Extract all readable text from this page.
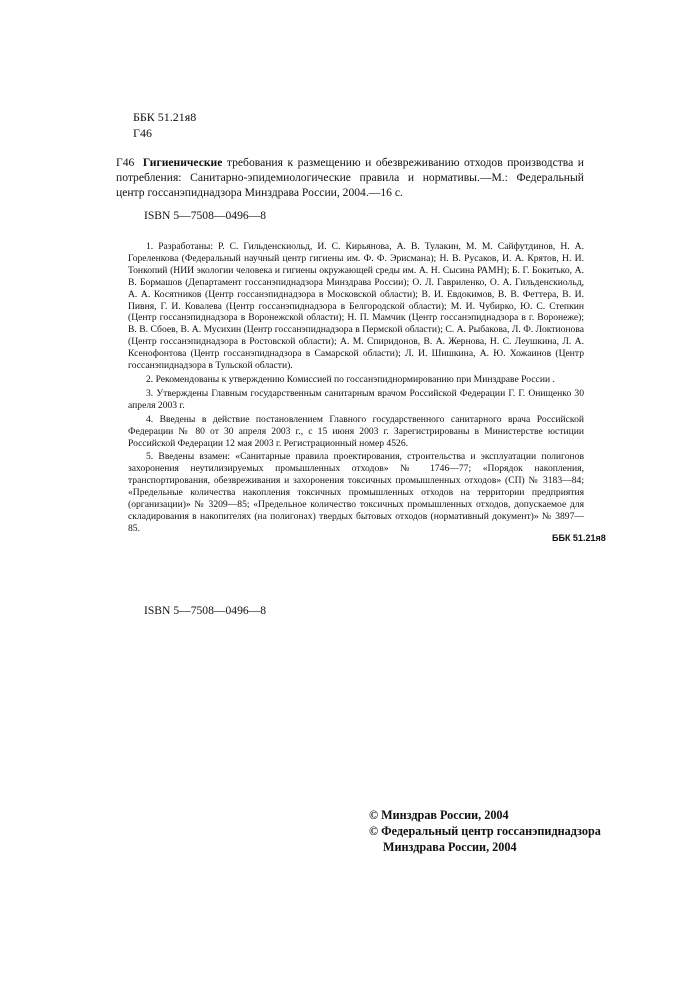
ББК 51.21я8
Г46
Г46 Гигиенические требования к размещению и обезвреживанию отходов производства и потребления: Санитарно-эпидемиологические правила и нормативы.—М.: Федеральный центр госсанэпиднадзора Минздрава России, 2004.—16 с.
ISBN 5—7508—0496—8

1. Разработаны: Р. С. Гильденскиольд, И. С. Кирьянова, А. В. Тулакин, М. М. Сайфутдинов, Н. А. Гореленкова (Федеральный научный центр гигиены им. Ф. Ф. Эрисмана); Н. В. Русаков, И. А. Крятов, Н. И. Тонкопий (НИИ экологии человека и гигиены окружающей среды им. А. Н. Сысина РАМН); Б. Г. Бокитько, А. В. Бормашов (Департамент госсанэпиднадзора Минздрава России); О. Л. Гавриленко, О. А. Гильденскиольд, А. А. Косятников (Центр госсанэпиднадзора в Московской области); В. И. Евдокимов, В. В. Феттера, В. И. Пивня, Г. И. Ковалева (Центр госсанэпиднадзора в Белгородской области); М. И. Чубирко, Ю. С. Степкин (Центр госсанэпиднадзора в Воронежской области); Н. П. Мамчик (Центр госсанэпиднадзора в г. Воронеже); В. В. Сбоев, В. А. Мусихин (Центр госсанэпиднадзора в Пермской области); С. А. Рыбакова, Л. Ф. Локтионова (Центр госсанэпиднадзора в Ростовской области); А. М. Спиридонов, В. А. Жернова, Н. С. Леушкина, Л. А. Ксенофонтова (Центр госсанэпиднадзора в Самарской области); Л. И. Шишкина, А. Ю. Хожаинов (Центр госсанэпиднадзора в Тульской области).

2. Рекомендованы к утверждению Комиссией по госсанэпиднормированию при Минздраве России .

3. Утверждены Главным государственным санитарным врачом Российской Федерации Г. Г. Онищенко 30 апреля 2003 г.

4. Введены в действие постановлением Главного государственного санитарного врача Российской Федерации № 80 от 30 апреля 2003 г., с 15 июня 2003 г. Зарегистрированы в Министерстве юстиции Российской Федерации 12 мая 2003 г. Регистрационный номер 4526.

5. Введены взамен: «Санитарные правила проектирования, строительства и эксплуатации полигонов захоронения неутилизируемых промышленных отходов» № 1746—77; «Порядок накопления, транспортирования, обезвреживания и захоронения токсичных промышленных отходов» (СП) № 3183—84; «Предельные количества накопления токсичных промышленных отходов на территории предприятия (организации)» № 3209—85; «Предельное количество токсичных промышленных отходов, допускаемое для складирования в накопителях (на полигонах) твердых бытовых отходов (нормативный документ)» № 3897—85.

ББК 51.21я8
ISBN 5—7508—0496—8
© Минздрав России, 2004
© Федеральный центр госсанэпиднадзора
Минздрава России, 2004
